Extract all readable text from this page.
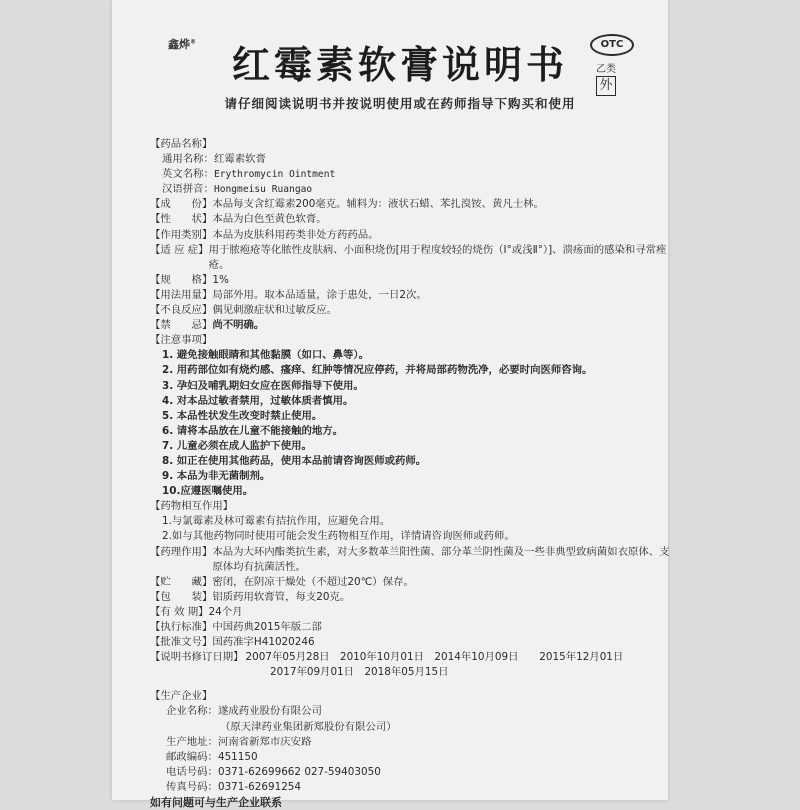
鑫烨®
红霉素软膏说明书	OTC
乙类
外
请仔细阅读说明书并按说明使用或在药师指导下购买和使用
【药品名称】
通用名称： 红霉素软膏
英文名称： Erythromycin Ointment
汉语拼音： Hongmeisu Ruangao
【成　　份】 本品每支含红霉素200毫克。辅料为：液状石蜡、苯扎溴铵、黄凡士林。
【性　　状】 本品为白色至黄色软膏。
【作用类别】 本品为皮肤科用药类非处方药药品。
【适 应 症】 用于脓疱疮等化脓性皮肤病、小面积烧伤[用于程度较轻的烧伤（Ⅰ°或浅Ⅱ°）]、溃疡面的感染和寻常痤疮。
【规　　格】 1%
【用法用量】 局部外用。取本品适量，涂于患处，一日2次。
【不良反应】 偶见刺激症状和过敏反应。
【禁　　忌】 尚不明确。
【注意事项】
1. 避免接触眼睛和其他黏膜（如口、鼻等）。
2. 用药部位如有烧灼感、瘙痒、红肿等情况应停药，并将局部药物洗净，必要时向医师咨询。
3. 孕妇及哺乳期妇女应在医师指导下使用。
4. 对本品过敏者禁用，过敏体质者慎用。
5. 本品性状发生改变时禁止使用。
6. 请将本品放在儿童不能接触的地方。
7. 儿童必须在成人监护下使用。
8. 如正在使用其他药品，使用本品前请咨询医师或药师。
9. 本品为非无菌制剂。
10.应遵医嘱使用。
【药物相互作用】
1.与氯霉素及林可霉素有拮抗作用，应避免合用。
2.如与其他药物同时使用可能会发生药物相互作用，详情请咨询医师或药师。
【药理作用】 本品为大环内酯类抗生素，对大多数革兰阳性菌、部分革兰阴性菌及一些非典型致病菌如衣原体、支原体均有抗菌活性。
【贮　　藏】 密闭，在阴凉干燥处（不超过20℃）保存。
【包　　装】 铝质药用软膏管，每支20克。
【有 效 期】 24个月
【执行标准】 中国药典2015年版二部
【批准文号】 国药准字H41020246
【说明书修订日期】 2007年05月28日　2010年10月01日　2014年10月09日　　2015年12月01日
2017年09月01日　2018年05月15日
【生产企业】
企业名称： 遂成药业股份有限公司
（原天津药业集团新郑股份有限公司）
生产地址： 河南省新郑市庆安路
邮政编码： 451150
电话号码： 0371-62699662 027-59403050
传真号码： 0371-62691254
如有问题可与生产企业联系
